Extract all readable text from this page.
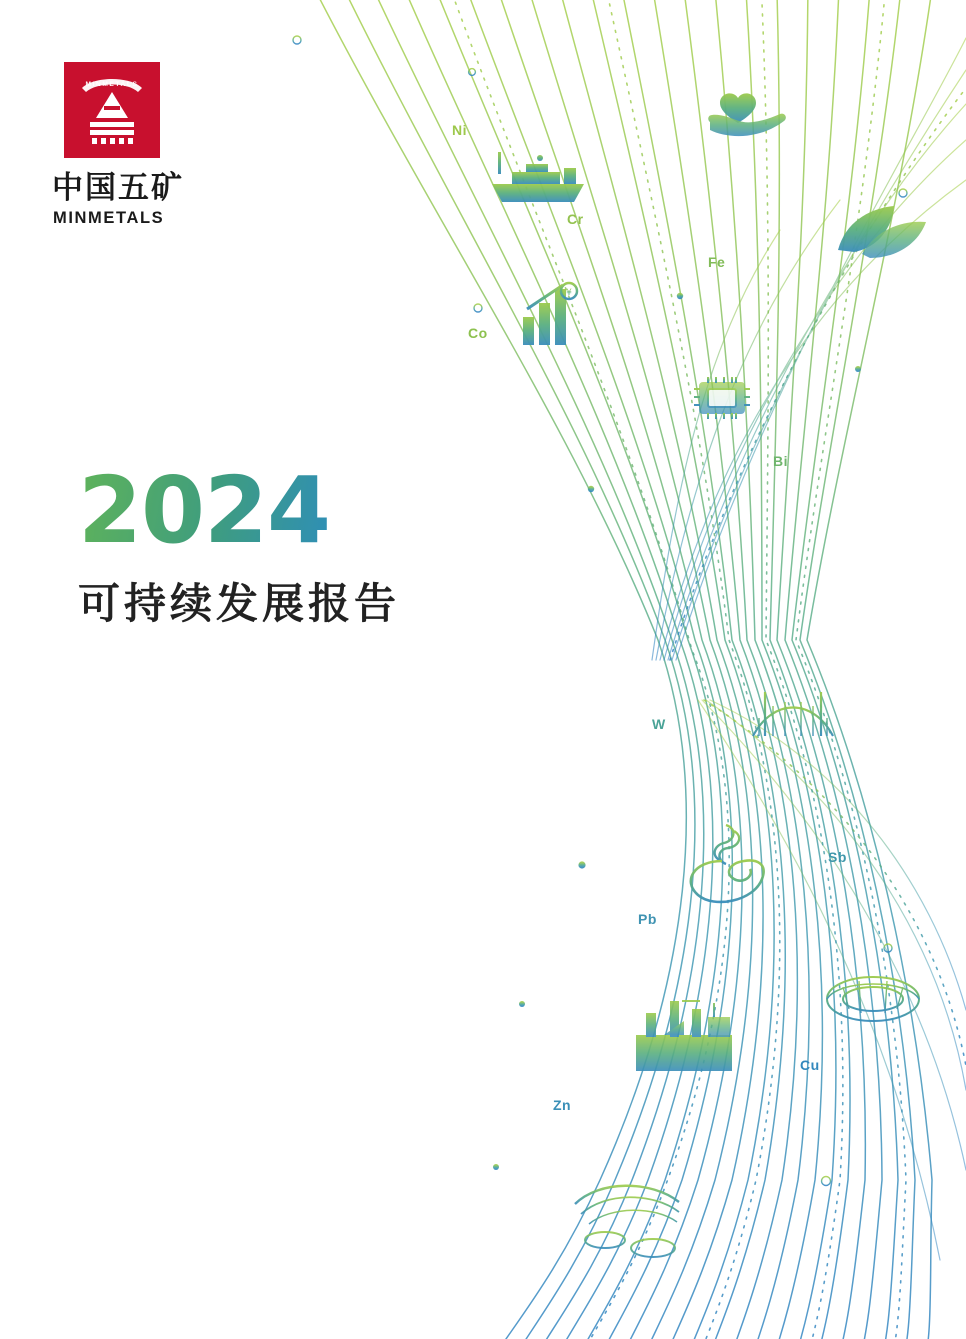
¥
Ni
Cr
Fe
Co
Bi
W
Sb
Pb
Cu
Zn
MINMETALS
中国五矿
MINMETALS
2024
可持续发展报告
